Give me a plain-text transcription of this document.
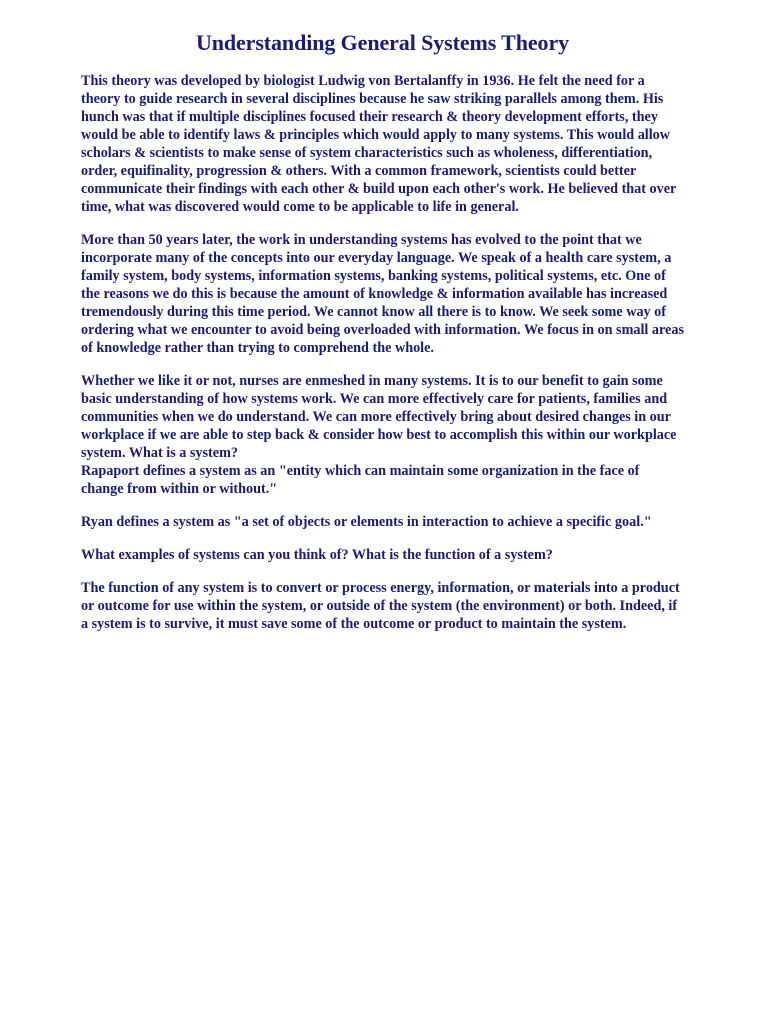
Understanding General Systems Theory

This theory was developed by biologist Ludwig von Bertalanffy in 1936. He felt the need for a theory to guide research in several disciplines because he saw striking parallels among them. His hunch was that if multiple disciplines focused their research & theory development efforts, they would be able to identify laws & principles which would apply to many systems. This would allow scholars & scientists to make sense of system characteristics such as wholeness, differentiation, order, equifinality, progression & others. With a common framework, scientists could better communicate their findings with each other & build upon each other's work. He believed that over time, what was discovered would come to be applicable to life in general.

More than 50 years later, the work in understanding systems has evolved to the point that we incorporate many of the concepts into our everyday language. We speak of a health care system, a family system, body systems, information systems, banking systems, political systems, etc. One of the reasons we do this is because the amount of knowledge & information available has increased tremendously during this time period. We cannot know all there is to know. We seek some way of ordering what we encounter to avoid being overloaded with information. We focus in on small areas of knowledge rather than trying to comprehend the whole.

Whether we like it or not, nurses are enmeshed in many systems. It is to our benefit to gain some basic understanding of how systems work. We can more effectively care for patients, families and communities when we do understand. We can more effectively bring about desired changes in our workplace if we are able to step back & consider how best to accomplish this within our workplace system. What is a system?

Rapaport defines a system as an "entity which can maintain some organization in the face of change from within or without."

Ryan defines a system as "a set of objects or elements in interaction to achieve a specific goal."

What examples of systems can you think of? What is the function of a system?

The function of any system is to convert or process energy, information, or materials into a product or outcome for use within the system, or outside of the system (the environment) or both. Indeed, if a system is to survive, it must save some of the outcome or product to maintain the system.
